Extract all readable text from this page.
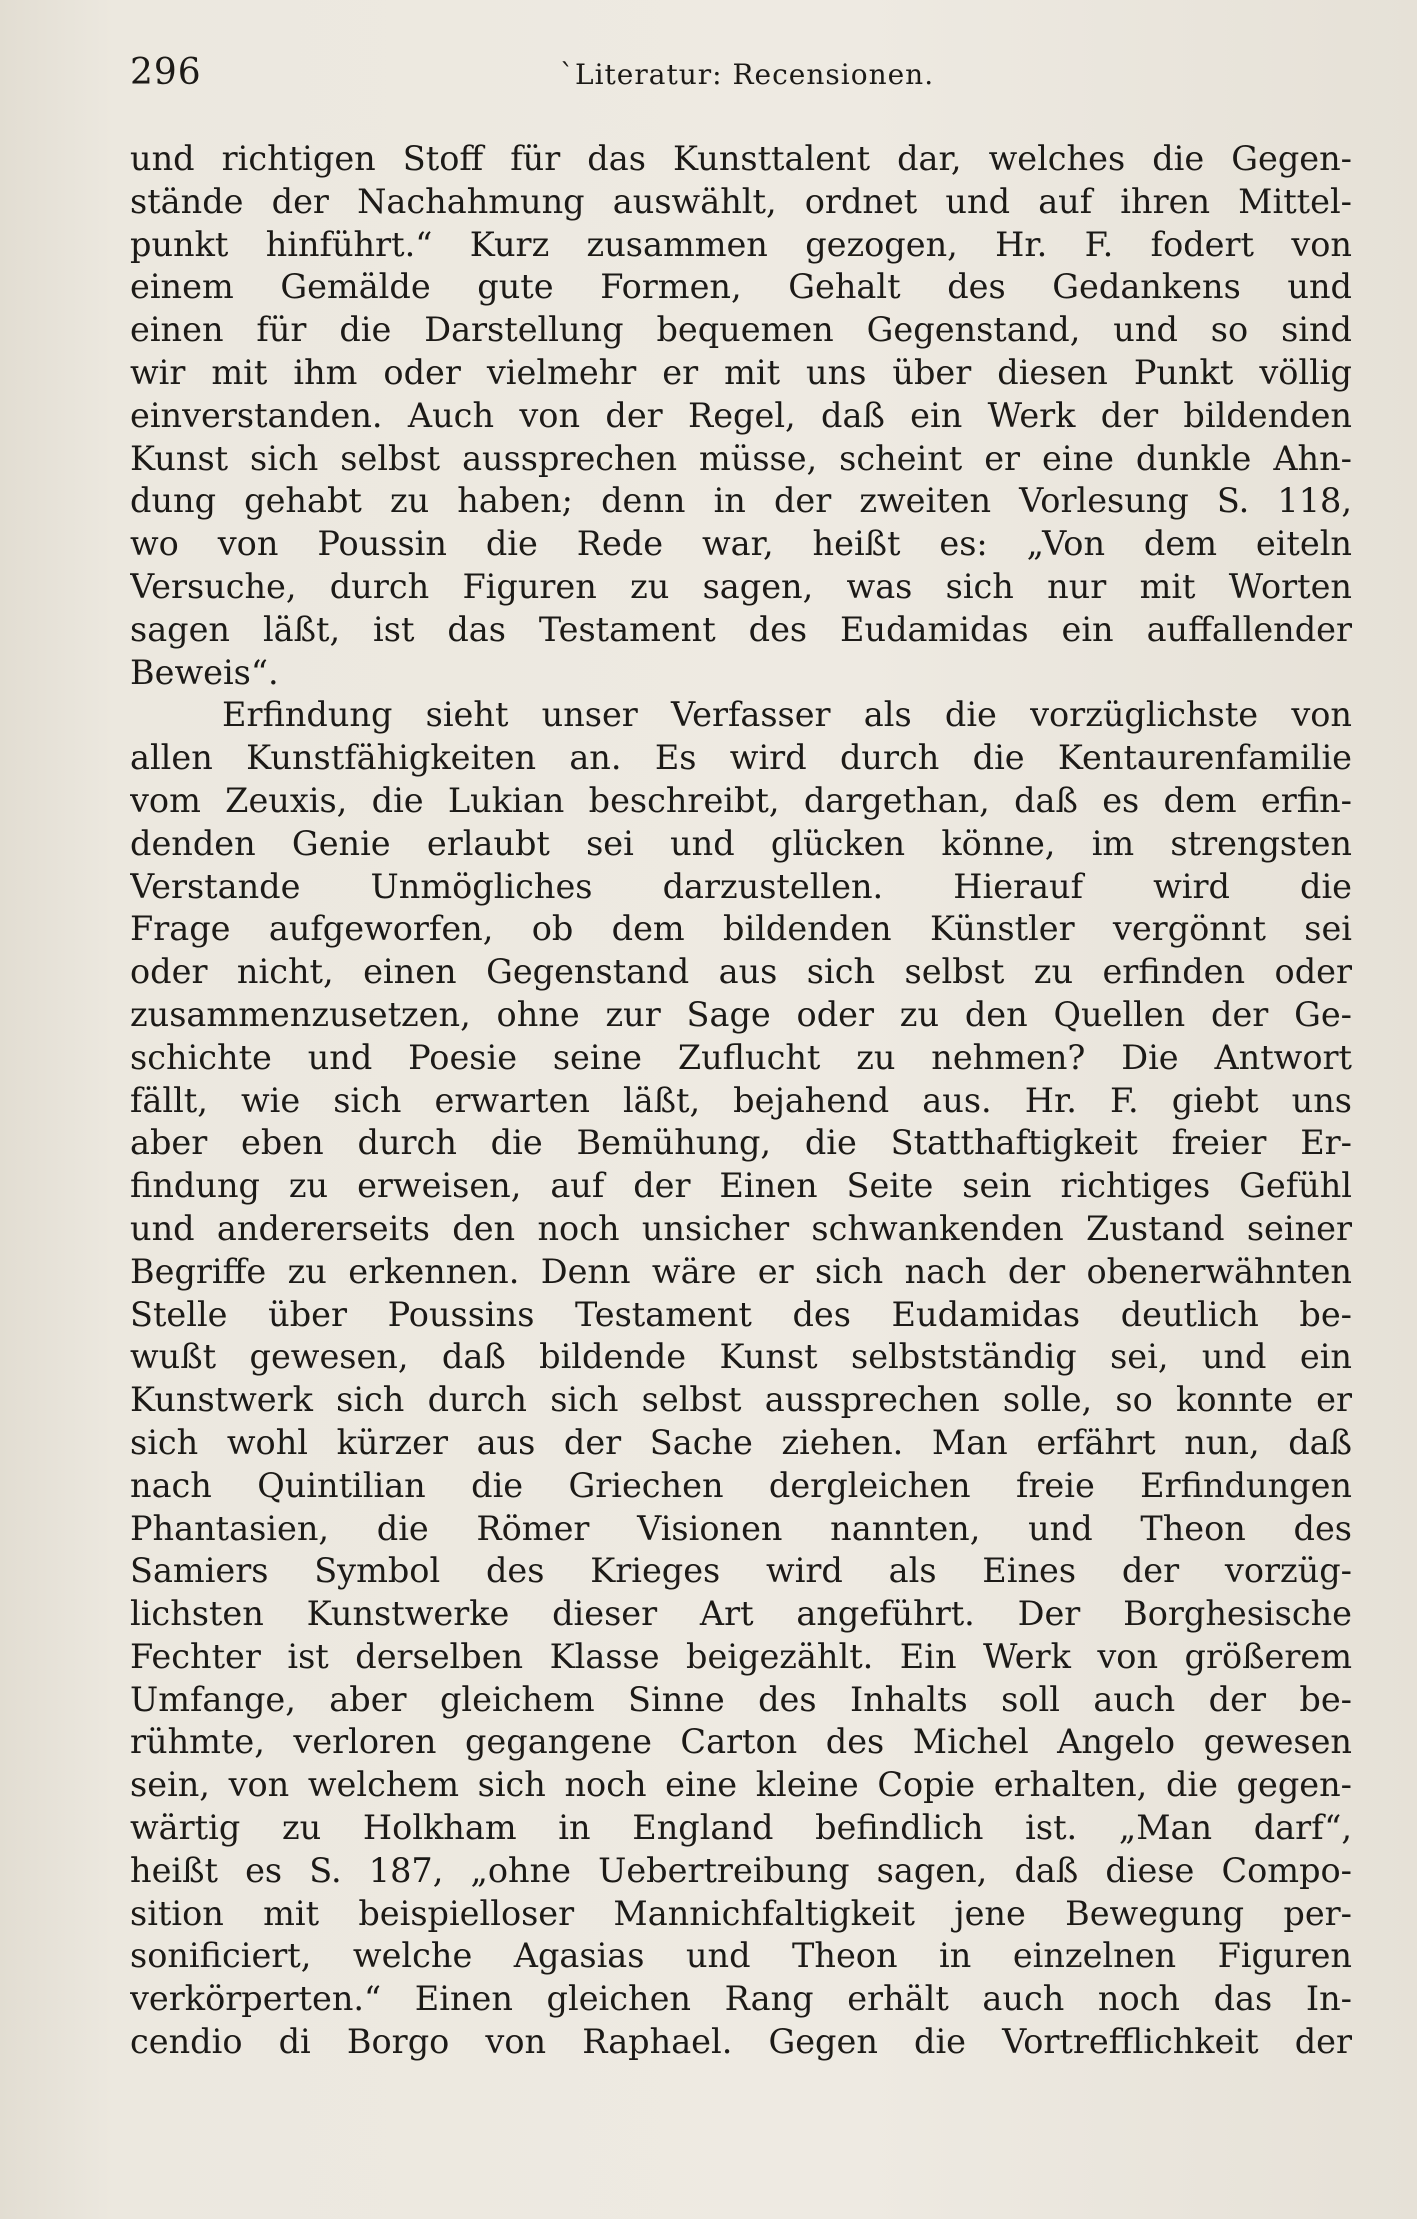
296	`Literatur: Recensionen.
und richtigen Stoff für das Kunsttalent dar, welches die Gegen-
stände der Nachahmung auswählt, ordnet und auf ihren Mittel-
punkt hinführt.“ Kurz zusammen gezogen, Hr. F. fodert von
einem Gemälde gute Formen, Gehalt des Gedankens und
einen für die Darstellung bequemen Gegenstand, und so sind
wir mit ihm oder vielmehr er mit uns über diesen Punkt völlig
einverstanden. Auch von der Regel, daß ein Werk der bildenden
Kunst sich selbst aussprechen müsse, scheint er eine dunkle Ahn-
dung gehabt zu haben; denn in der zweiten Vorlesung S. 118,
wo von Poussin die Rede war, heißt es: „Von dem eiteln
Versuche, durch Figuren zu sagen, was sich nur mit Worten
sagen läßt, ist das Testament des Eudamidas ein auffallender
Beweis“.
Erfindung sieht unser Verfasser als die vorzüglichste von
allen Kunstfähigkeiten an. Es wird durch die Kentaurenfamilie
vom Zeuxis, die Lukian beschreibt, dargethan, daß es dem erfin-
denden Genie erlaubt sei und glücken könne, im strengsten
Verstande Unmögliches darzustellen. Hierauf wird die
Frage aufgeworfen, ob dem bildenden Künstler vergönnt sei
oder nicht, einen Gegenstand aus sich selbst zu erfinden oder
zusammenzusetzen, ohne zur Sage oder zu den Quellen der Ge-
schichte und Poesie seine Zuflucht zu nehmen? Die Antwort
fällt, wie sich erwarten läßt, bejahend aus. Hr. F. giebt uns
aber eben durch die Bemühung, die Statthaftigkeit freier Er-
findung zu erweisen, auf der Einen Seite sein richtiges Gefühl
und andererseits den noch unsicher schwankenden Zustand seiner
Begriffe zu erkennen. Denn wäre er sich nach der obenerwähnten
Stelle über Poussins Testament des Eudamidas deutlich be-
wußt gewesen, daß bildende Kunst selbstständig sei, und ein
Kunstwerk sich durch sich selbst aussprechen solle, so konnte er
sich wohl kürzer aus der Sache ziehen. Man erfährt nun, daß
nach Quintilian die Griechen dergleichen freie Erfindungen
Phantasien, die Römer Visionen nannten, und Theon des
Samiers Symbol des Krieges wird als Eines der vorzüg-
lichsten Kunstwerke dieser Art angeführt. Der Borghesische
Fechter ist derselben Klasse beigezählt. Ein Werk von größerem
Umfange, aber gleichem Sinne des Inhalts soll auch der be-
rühmte, verloren gegangene Carton des Michel Angelo gewesen
sein, von welchem sich noch eine kleine Copie erhalten, die gegen-
wärtig zu Holkham in England befindlich ist. „Man darf“,
heißt es S. 187, „ohne Uebertreibung sagen, daß diese Compo-
sition mit beispielloser Mannichfaltigkeit jene Bewegung per-
sonificiert, welche Agasias und Theon in einzelnen Figuren
verkörperten.“ Einen gleichen Rang erhält auch noch das In-
cendio di Borgo von Raphael. Gegen die Vortrefflichkeit der
